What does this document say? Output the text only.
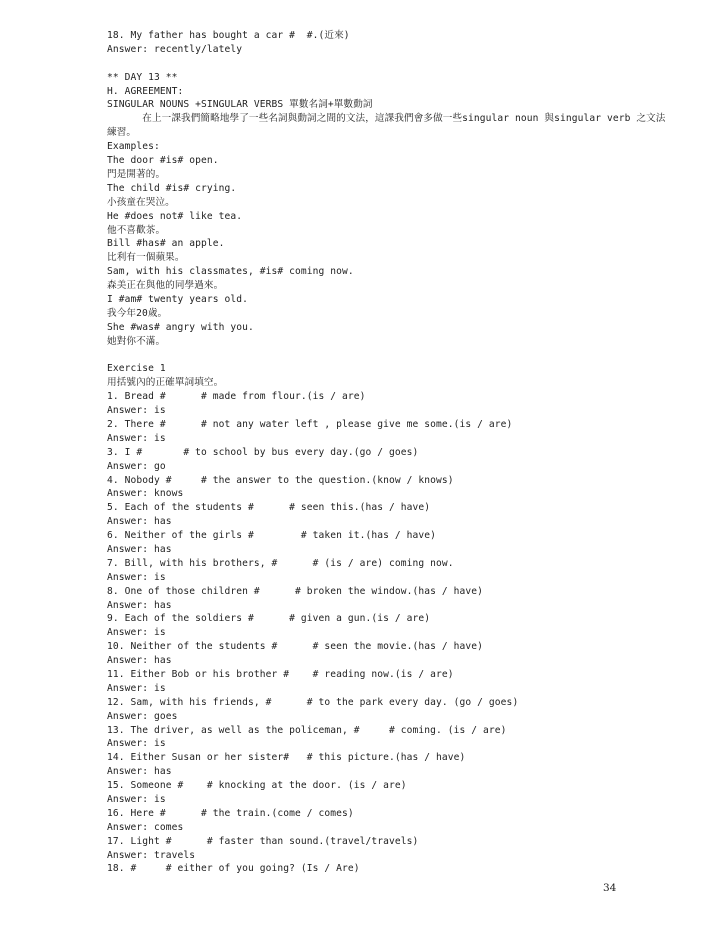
18. My father has bought a car #  #.(近來)
Answer: recently/lately
** DAY 13 **
H. AGREEMENT:
SINGULAR NOUNS +SINGULAR VERBS 單數名詞+單數動詞
在上一課我們簡略地學了一些名詞與動詞之間的文法，這課我們會多做一些singular noun 與singular verb 之文法練習。
Examples:
The door #is# open.
門是開著的。
The child #is# crying.
小孩童在哭泣。
He #does not# like tea.
他不喜歡茶。
Bill #has# an apple.
比利有一個蘋果。
Sam, with his classmates, #is# coming now.
森美正在與他的同學過來。
I #am# twenty years old.
我今年20歲。
She #was# angry with you.
她對你不滿。
Exercise 1
用括號內的正確單詞填空。
1. Bread #      # made from flour.(is / are)
Answer: is
2. There #      # not any water left , please give me some.(is / are)
Answer: is
3. I #       # to school by bus every day.(go / goes)
Answer: go
4. Nobody #     # the answer to the question.(know / knows)
Answer: knows
5. Each of the students #      # seen this.(has / have)
Answer: has
6. Neither of the girls #        # taken it.(has / have)
Answer: has
7. Bill, with his brothers, #      # (is / are) coming now.
Answer: is
8. One of those children #      # broken the window.(has / have)
Answer: has
9. Each of the soldiers #      # given a gun.(is / are)
Answer: is
10. Neither of the students #      # seen the movie.(has / have)
Answer: has
11. Either Bob or his brother #    # reading now.(is / are)
Answer: is
12. Sam, with his friends, #      # to the park every day. (go / goes)
Answer: goes
13. The driver, as well as the policeman, #     # coming. (is / are)
Answer: is
14. Either Susan or her sister#   # this picture.(has / have)
Answer: has
15. Someone #    # knocking at the door. (is / are)
Answer: is
16. Here #      # the train.(come / comes)
Answer: comes
17. Light #      # faster than sound.(travel/travels)
Answer: travels
18. #     # either of you going? (Is / Are)
34
